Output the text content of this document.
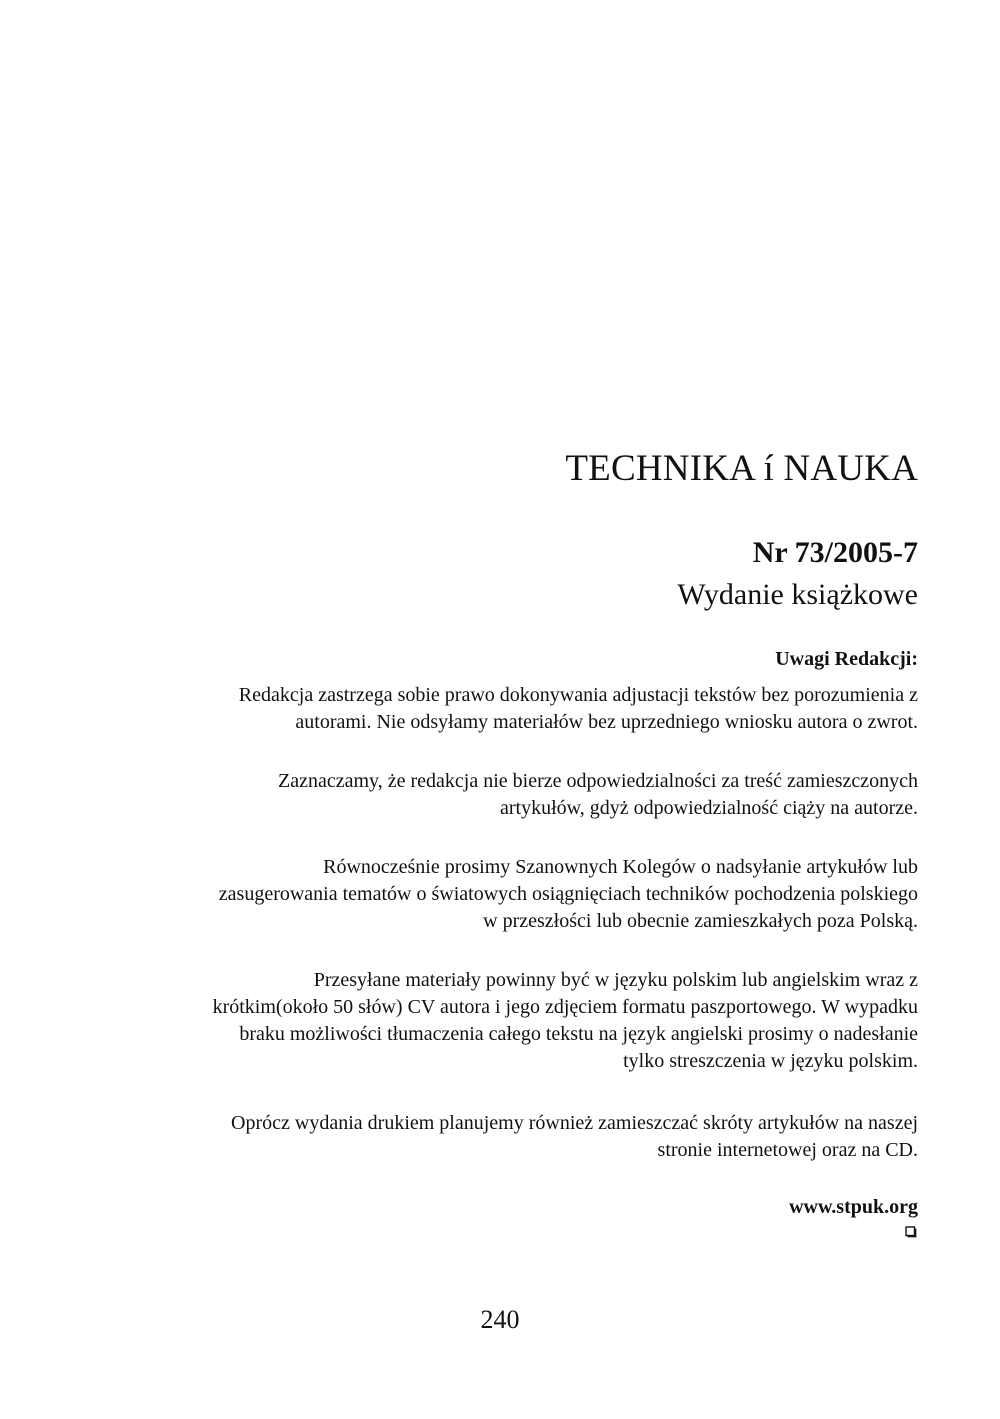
TECHNIKA í NAUKA
Nr 73/2005-7
Wydanie książkowe
Uwagi Redakcji:

Redakcja zastrzega sobie prawo dokonywania adjustacji tekstów bez porozumienia z
autorami. Nie odsyłamy materiałów bez uprzedniego wniosku autora o zwrot.

Zaznaczamy, że redakcja nie bierze odpowiedzialności za treść zamieszczonych
artykułów, gdyż odpowiedzialność ciąży na autorze.

Równocześnie prosimy Szanownych Kolegów o nadsyłanie artykułów lub
zasugerowania tematów o światowych osiągnięciach techników pochodzenia polskiego
w przeszłości lub obecnie zamieszkałych poza Polską.

Przesyłane materiały powinny być w języku polskim lub angielskim wraz z
krótkim(około 50 słów) CV autora i jego zdjęciem formatu paszportowego. W wypadku
braku możliwości tłumaczenia całego tekstu na język angielski prosimy o nadesłanie
tylko streszczenia w języku polskim.

Oprócz wydania drukiem planujemy również zamieszczać skróty artykułów na naszej
stronie internetowej oraz na CD.

www.stpuk.org
240
